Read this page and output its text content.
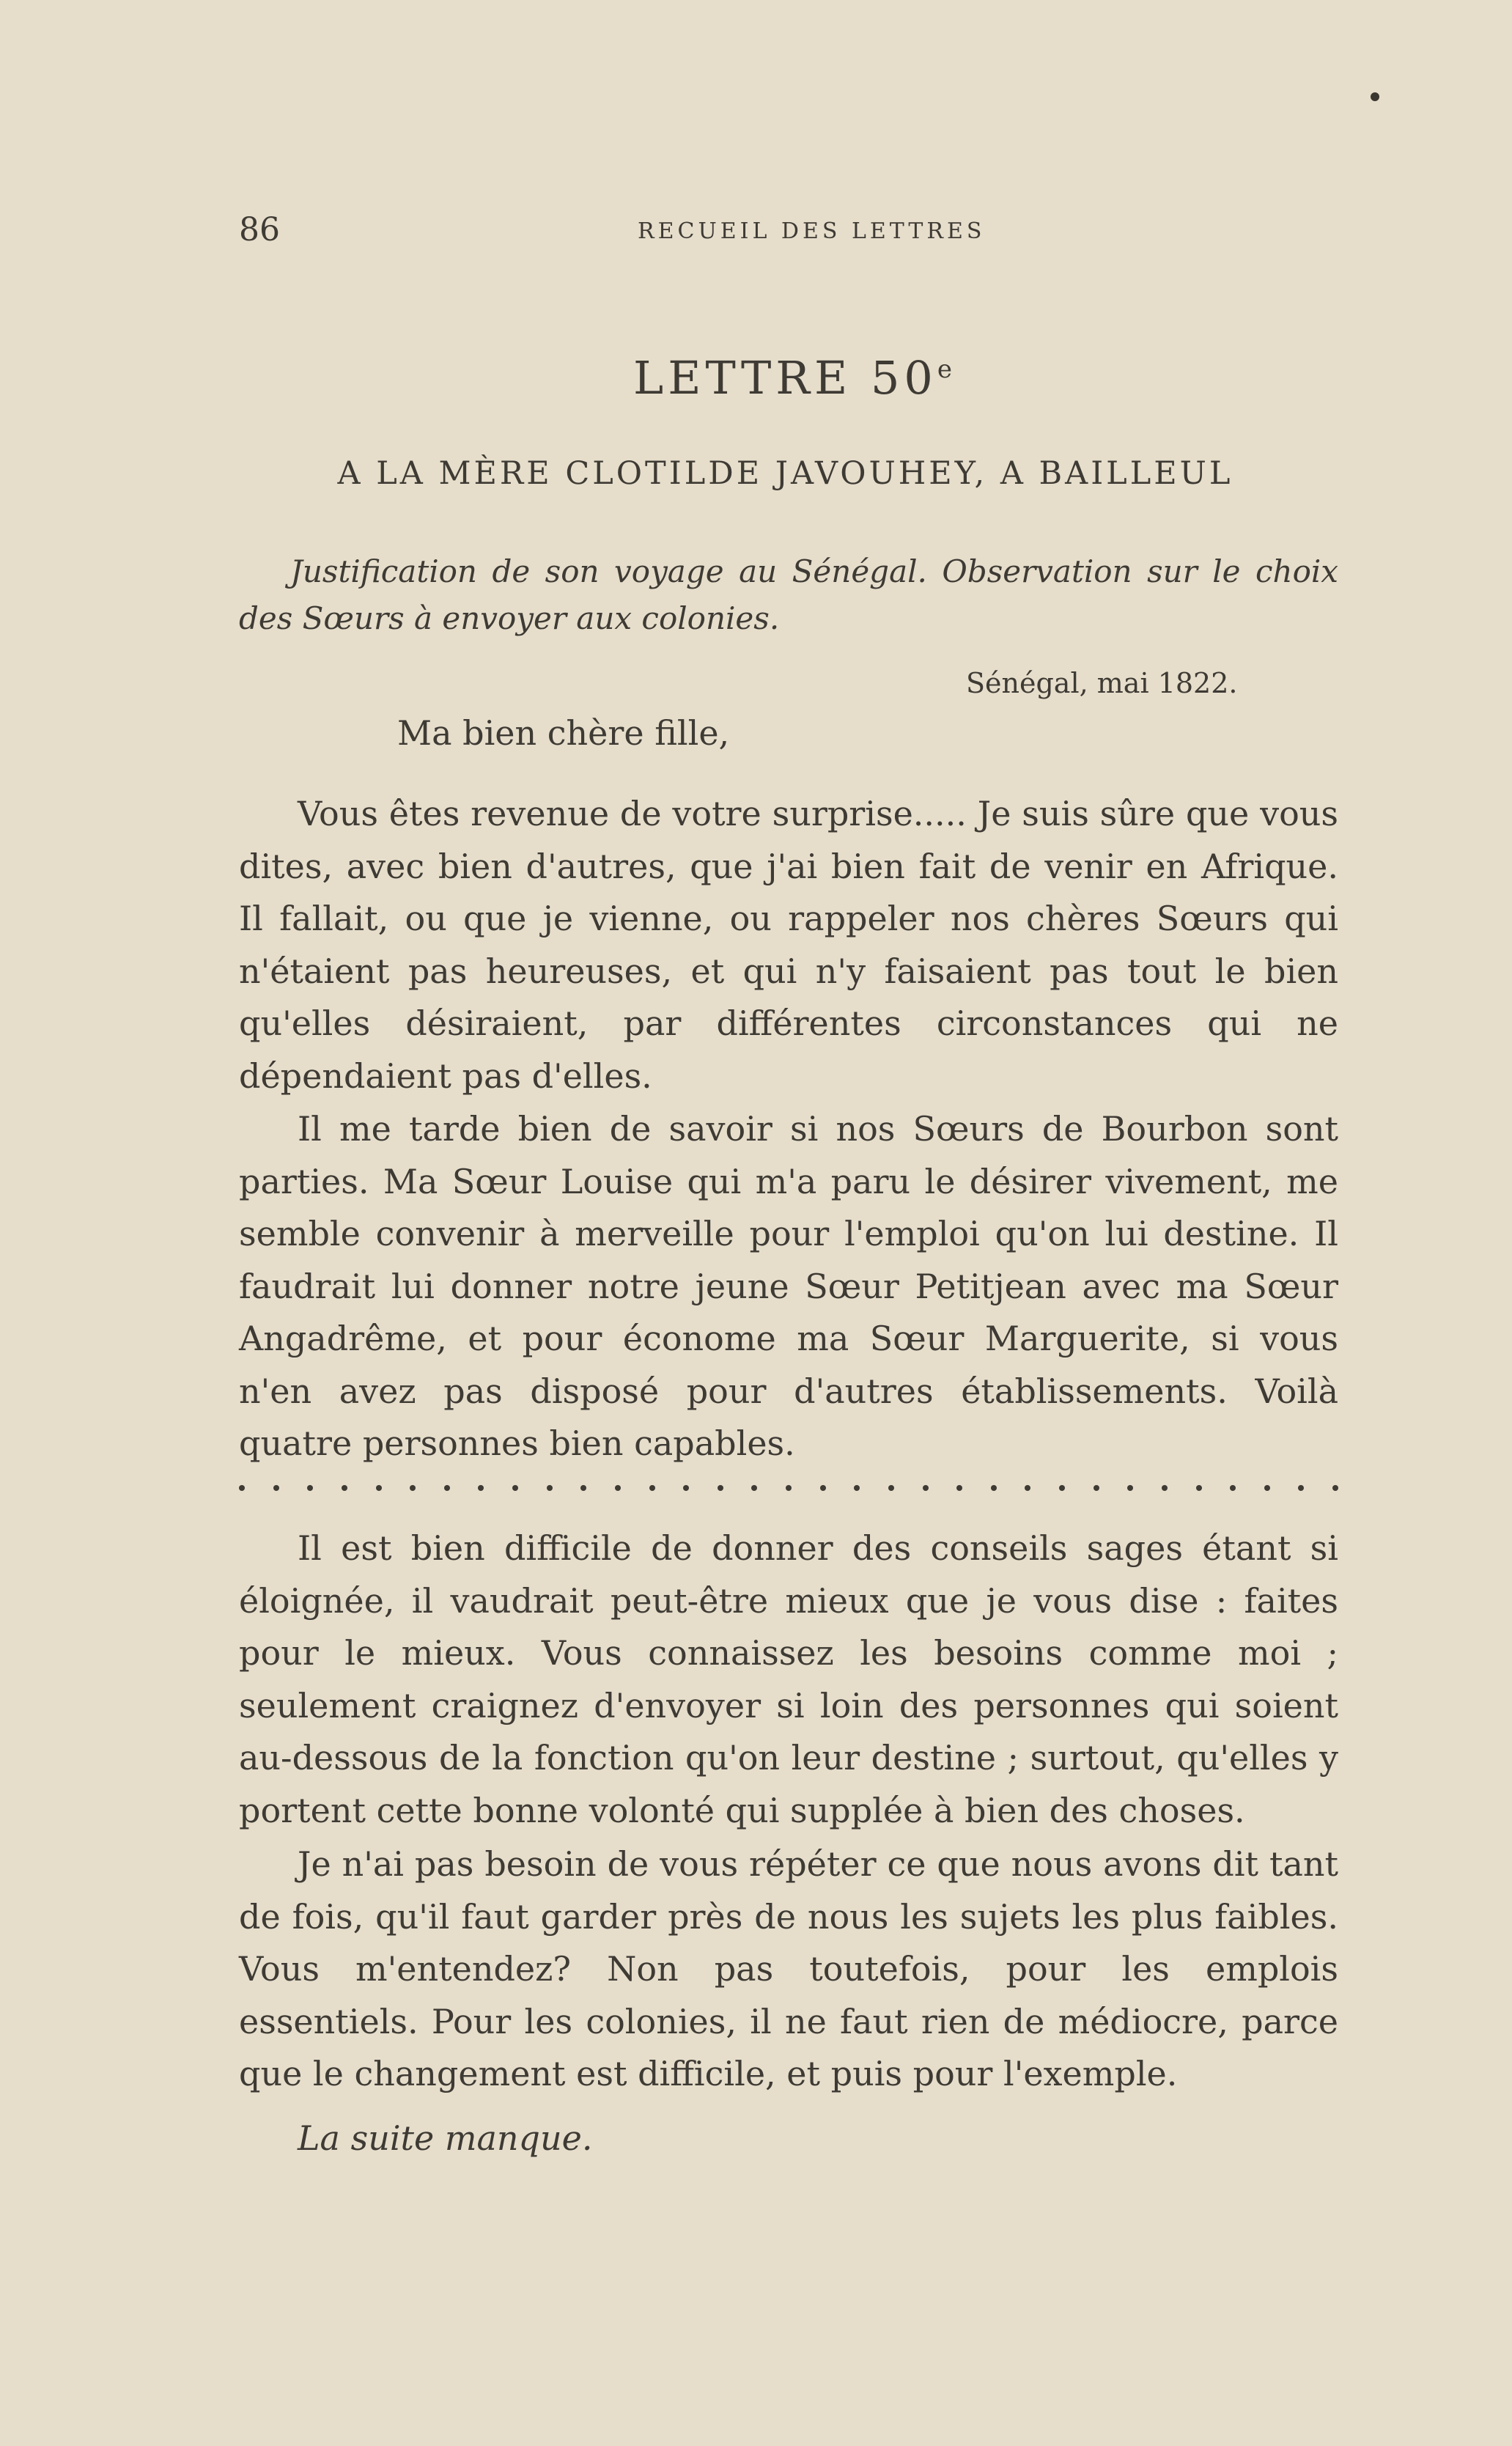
86	RECUEIL DES LETTRES
LETTRE 50e
A LA MÈRE CLOTILDE JAVOUHEY, A BAILLEUL

Justification de son voyage au Sénégal. Observation sur le choix des Sœurs à envoyer aux colonies.

Sénégal, mai 1822.
Ma bien chère fille,

Vous êtes revenue de votre surprise..... Je suis sûre que vous dites, avec bien d'autres, que j'ai bien fait de venir en Afrique. Il fallait, ou que je vienne, ou rappeler nos chères Sœurs qui n'étaient pas heureuses, et qui n'y faisaient pas tout le bien qu'elles désiraient, par différentes circonstances qui ne dépendaient pas d'elles.

Il me tarde bien de savoir si nos Sœurs de Bourbon sont parties. Ma Sœur Louise qui m'a paru le désirer vivement, me semble convenir à merveille pour l'emploi qu'on lui destine. Il faudrait lui donner notre jeune Sœur Petitjean avec ma Sœur Angadrême, et pour économe ma Sœur Marguerite, si vous n'en avez pas disposé pour d'autres établissements. Voilà quatre personnes bien capables.

Il est bien difficile de donner des conseils sages étant si éloignée, il vaudrait peut-être mieux que je vous dise : faites pour le mieux. Vous connaissez les besoins comme moi ; seulement craignez d'envoyer si loin des personnes qui soient au-dessous de la fonction qu'on leur destine ; surtout, qu'elles y portent cette bonne volonté qui supplée à bien des choses.

Je n'ai pas besoin de vous répéter ce que nous avons dit tant de fois, qu'il faut garder près de nous les sujets les plus faibles. Vous m'entendez? Non pas toutefois, pour les emplois essentiels. Pour les colonies, il ne faut rien de médiocre, parce que le changement est difficile, et puis pour l'exemple.

La suite manque.
